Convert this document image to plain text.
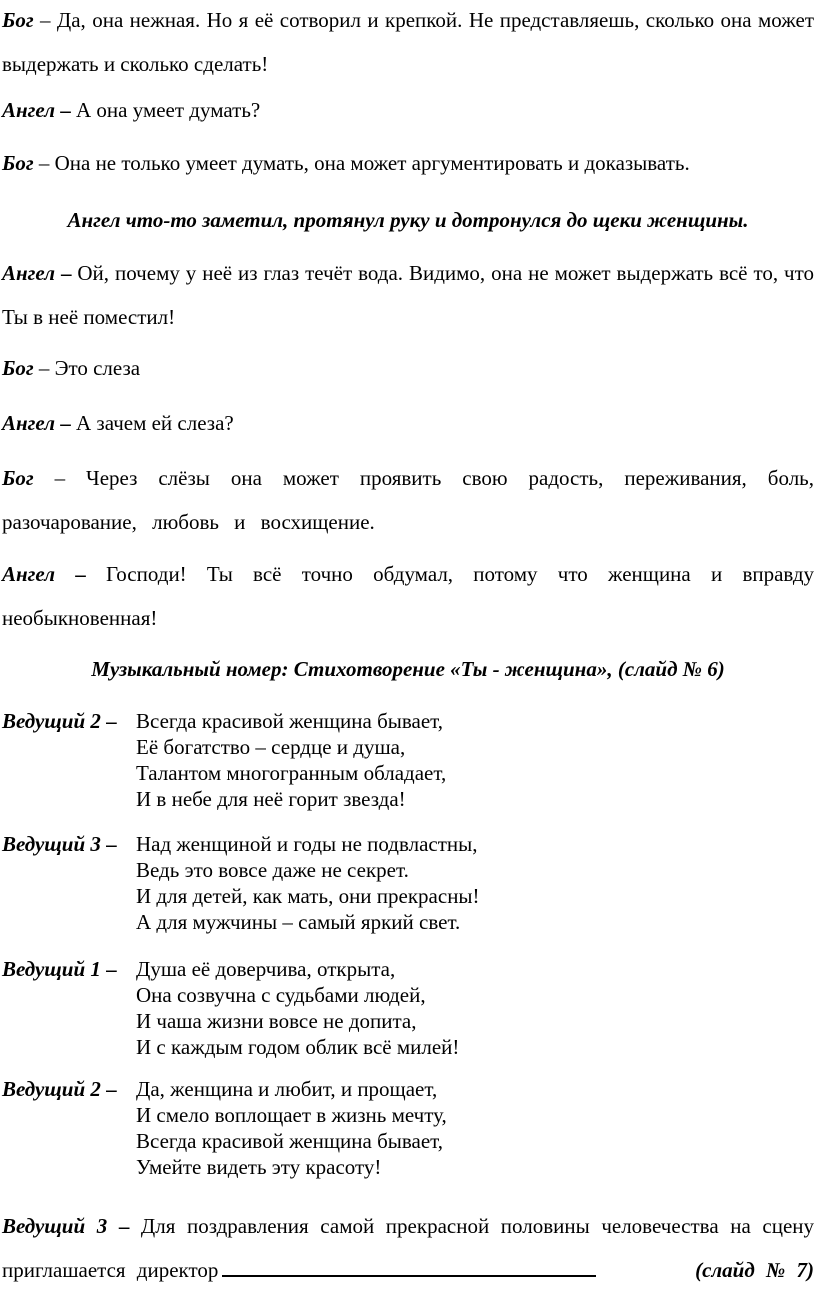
Бог – Да, она нежная. Но я её сотворил и крепкой. Не представляешь, сколько она может выдержать и сколько сделать!

Ангел – А она умеет думать?

Бог – Она не только умеет думать, она может аргументировать и доказывать.

Ангел что-то заметил, протянул руку и дотронулся до щеки женщины.

Ангел – Ой, почему у неё из глаз течёт вода. Видимо, она не может выдержать всё то, что Ты в неё поместил!

Бог – Это слеза

Ангел – А зачем ей слеза?

Бог – Через слёзы она может проявить свою радость, переживания, боль, разочарование, любовь и восхищение.

Ангел – Господи! Ты всё точно обдумал, потому что женщина и вправду необыкновенная!

Музыкальный номер: Стихотворение «Ты - женщина», (слайд № 6)

Ведущий 2 – Всегда красивой женщина бывает,
Её богатство – сердце и душа,
Талантом многогранным обладает,
И в небе для неё горит звезда!
Ведущий 3 – Над женщиной и годы не подвластны,
Ведь это вовсе даже не секрет.
И для детей, как мать, они прекрасны!
А для мужчины – самый яркий свет.
Ведущий 1 – Душа её доверчива, открыта,
Она созвучна с судьбами людей,
И чаша жизни вовсе не допита,
И с каждым годом облик всё милей!
Ведущий 2 – Да, женщина и любит, и прощает,
И смело воплощает в жизнь мечту,
Всегда красивой женщина бывает,
Умейте видеть эту красоту!

Ведущий 3 – Для поздравления самой прекрасной половины человечества на сцену приглашается директор	(слайд № 7)
